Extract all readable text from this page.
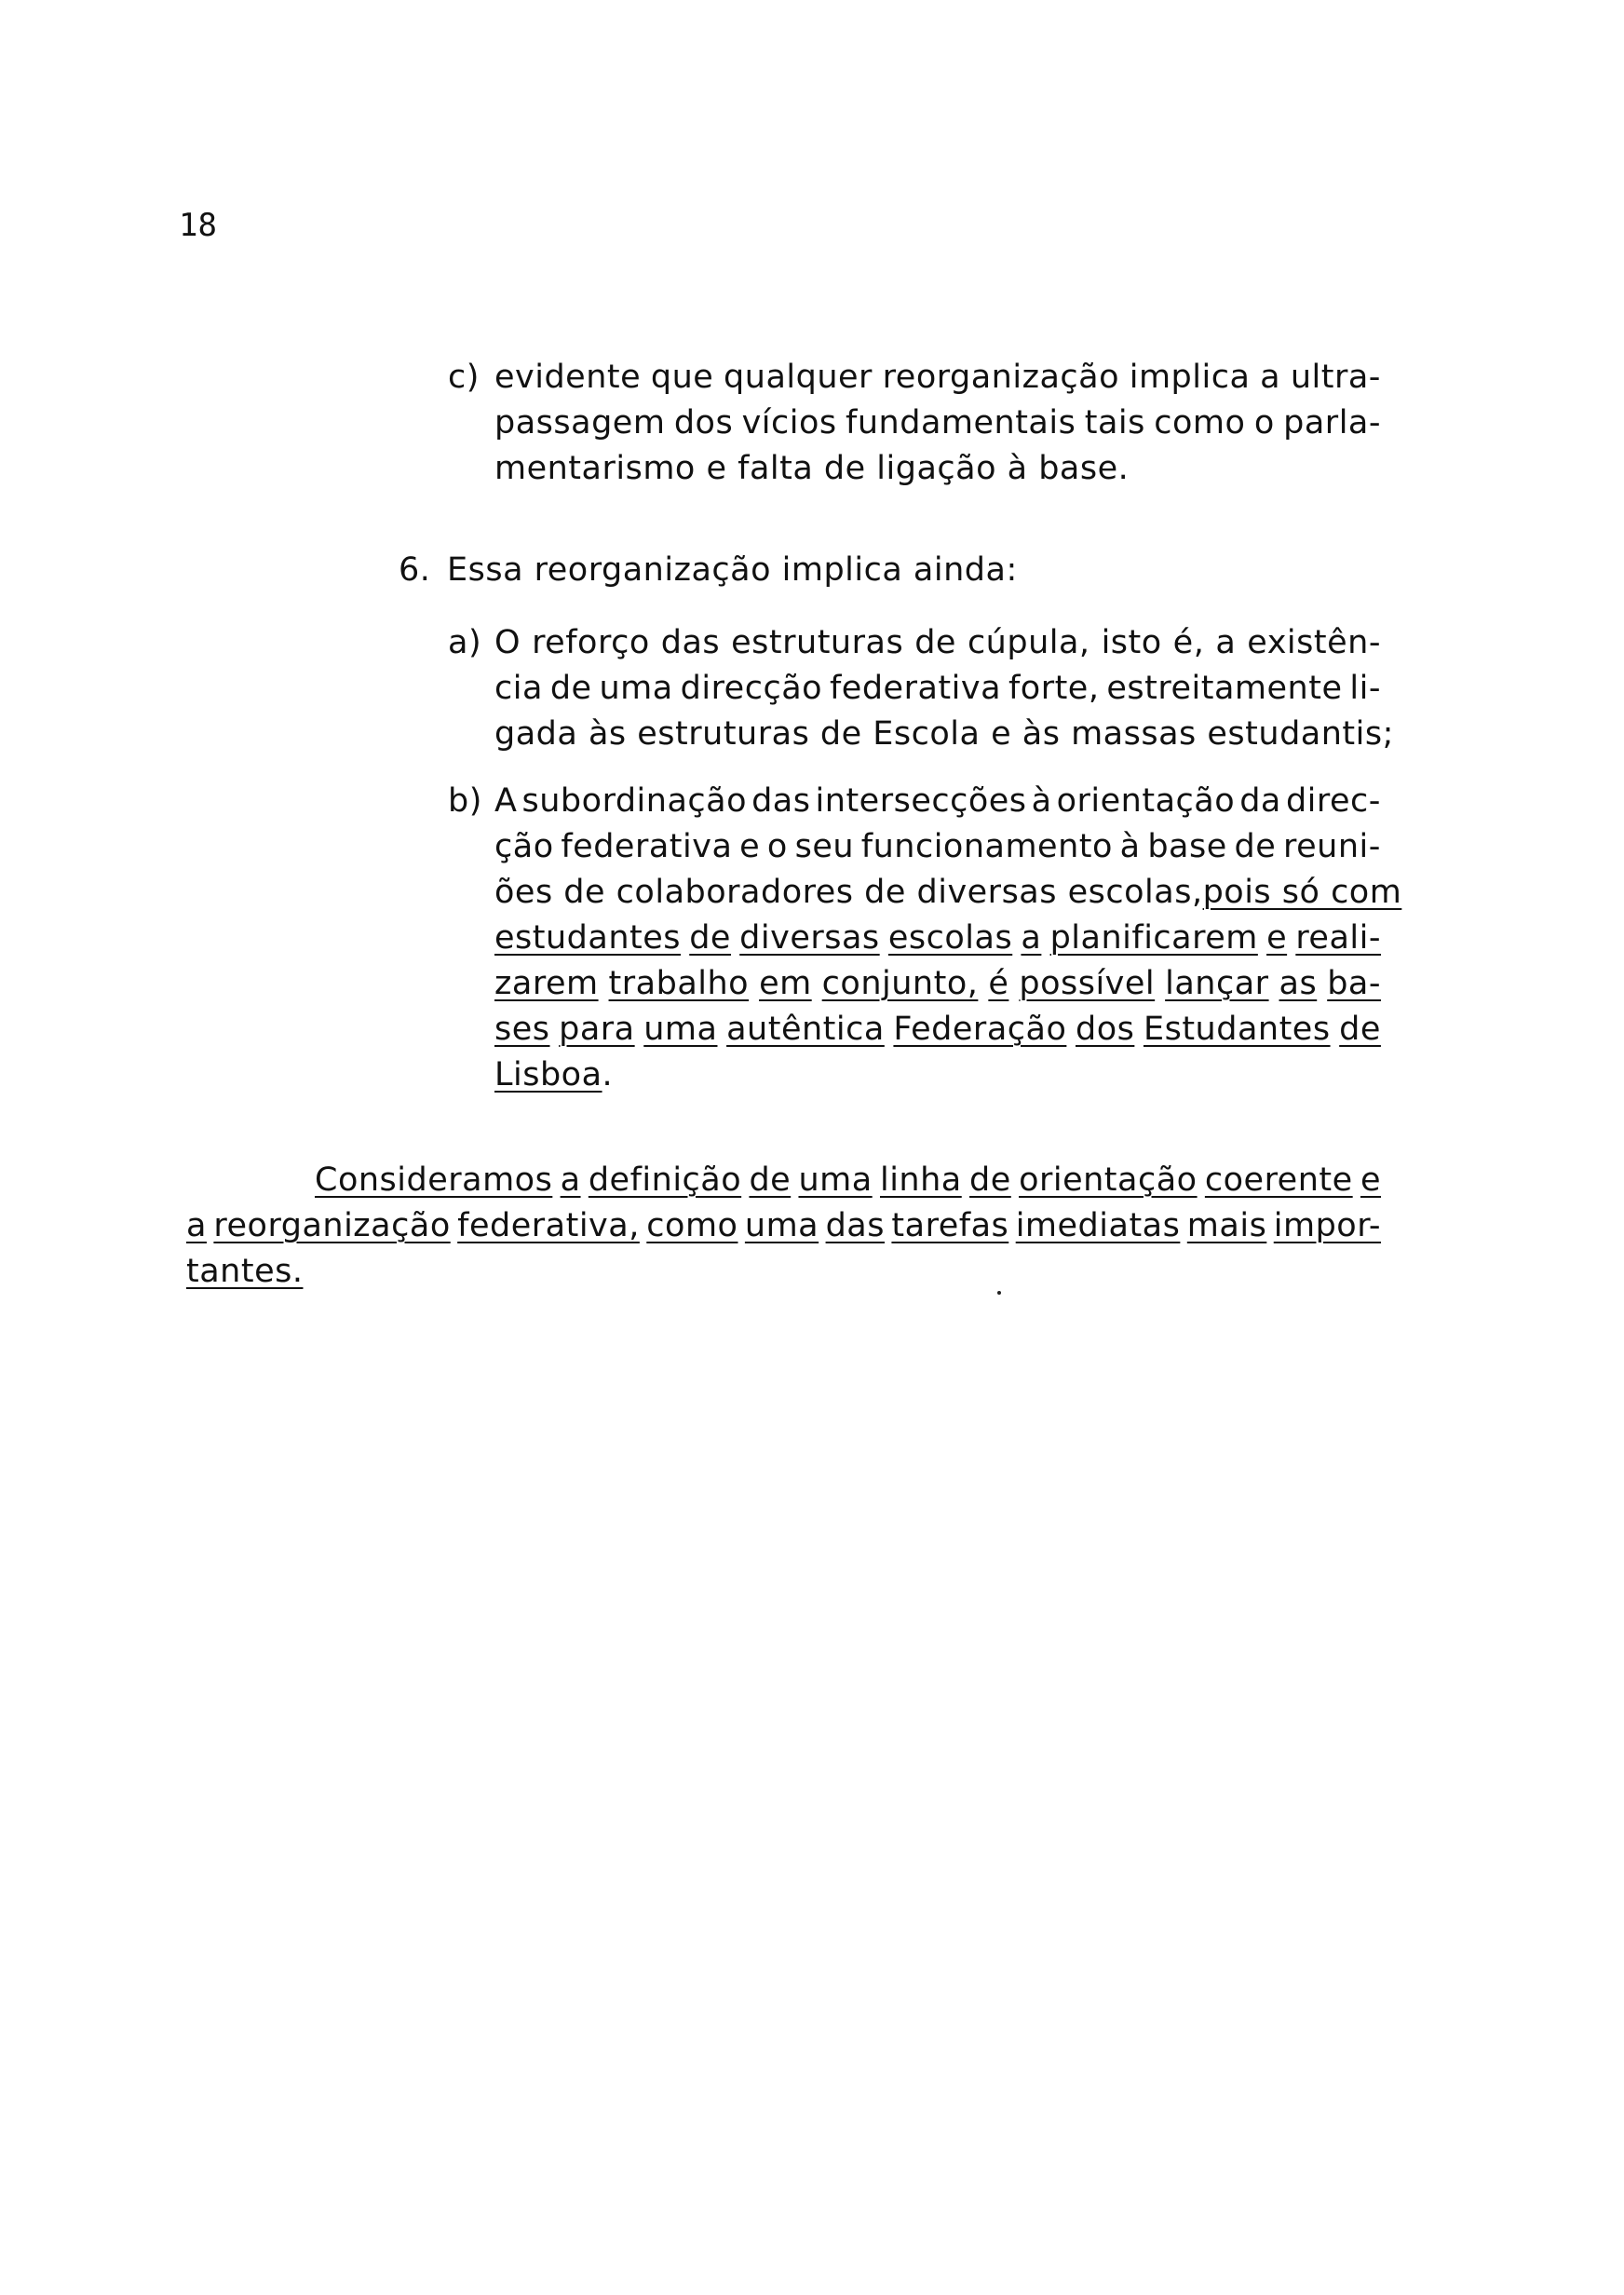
18
c) evidente que qualquer reorganização implica a ultra-
passagem dos vícios fundamentais tais como o parla-
mentarismo e falta de ligação à base.
6. Essa reorganização implica ainda:
a) O reforço das estruturas de cúpula, isto é, a existên-
cia de uma direcção federativa forte, estreitamente li-
gada às estruturas de Escola e às massas estudantis;
b) A subordinação das intersecções à orientação da direc-
ção federativa e o seu funcionamento à base de reuni-
ões de colaboradores de diversas escolas, pois só com
estudantes de diversas escolas a planificarem e reali-
zarem trabalho em conjunto, é possível lançar as ba-
ses para uma autêntica Federação dos Estudantes de
Lisboa.
Consideramos a definição de uma linha de orientação coerente e
a reorganização federativa, como uma das tarefas imediatas mais impor-
tantes.
